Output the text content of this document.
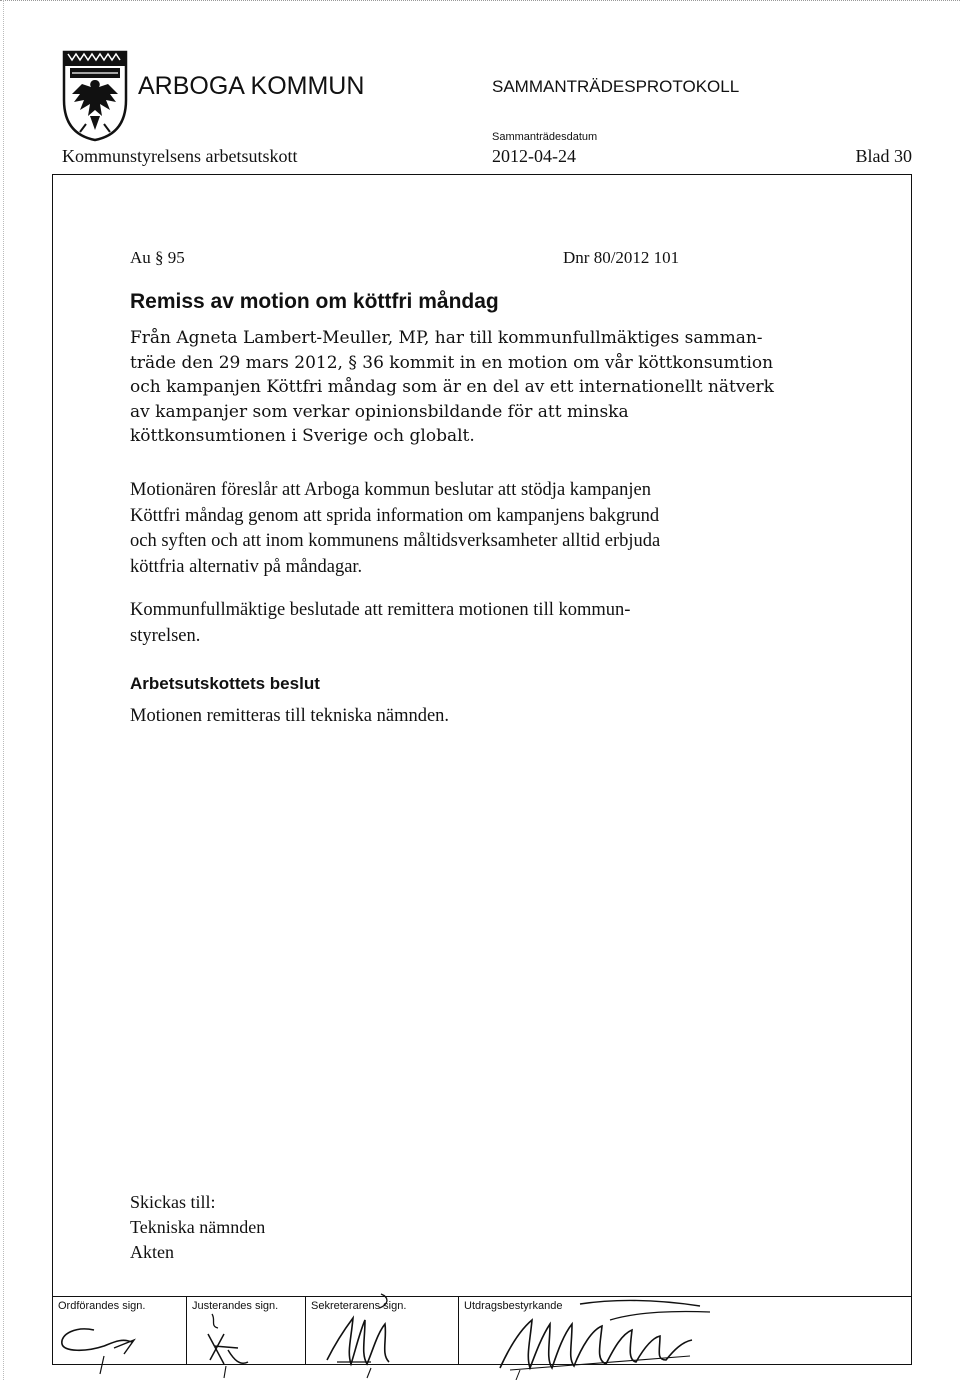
ARBOGA KOMMUN	SAMMANTRÄDESPROTOKOLL
Sammanträdesdatum
Kommunstyrelsens arbetsutskott	2012-04-24	Blad 30
Au § 95	Dnr 80/2012 101
Remiss av motion om köttfri måndag
Från Agneta Lambert-Meuller, MP, har till kommunfullmäktiges samman-
träde den 29 mars 2012, § 36 kommit in en motion om vår köttkonsumtion
och kampanjen Köttfri måndag som är en del av ett internationellt nätverk
av kampanjer som verkar opinionsbildande för att minska
köttkonsumtionen i Sverige och globalt.
Motionären föreslår att Arboga kommun beslutar att stödja kampanjen
Köttfri måndag genom att sprida information om kampanjens bakgrund
och syften och att inom kommunens måltidsverksamheter alltid erbjuda
köttfria alternativ på måndagar.
Kommunfullmäktige beslutade att remittera motionen till kommun-
styrelsen.
Arbetsutskottets beslut
Motionen remitteras till tekniska nämnden.
Skickas till:
Tekniska nämnden
Akten
Ordförandes sign.	Justerandes sign.	Sekreterarens sign.	Utdragsbestyrkande
